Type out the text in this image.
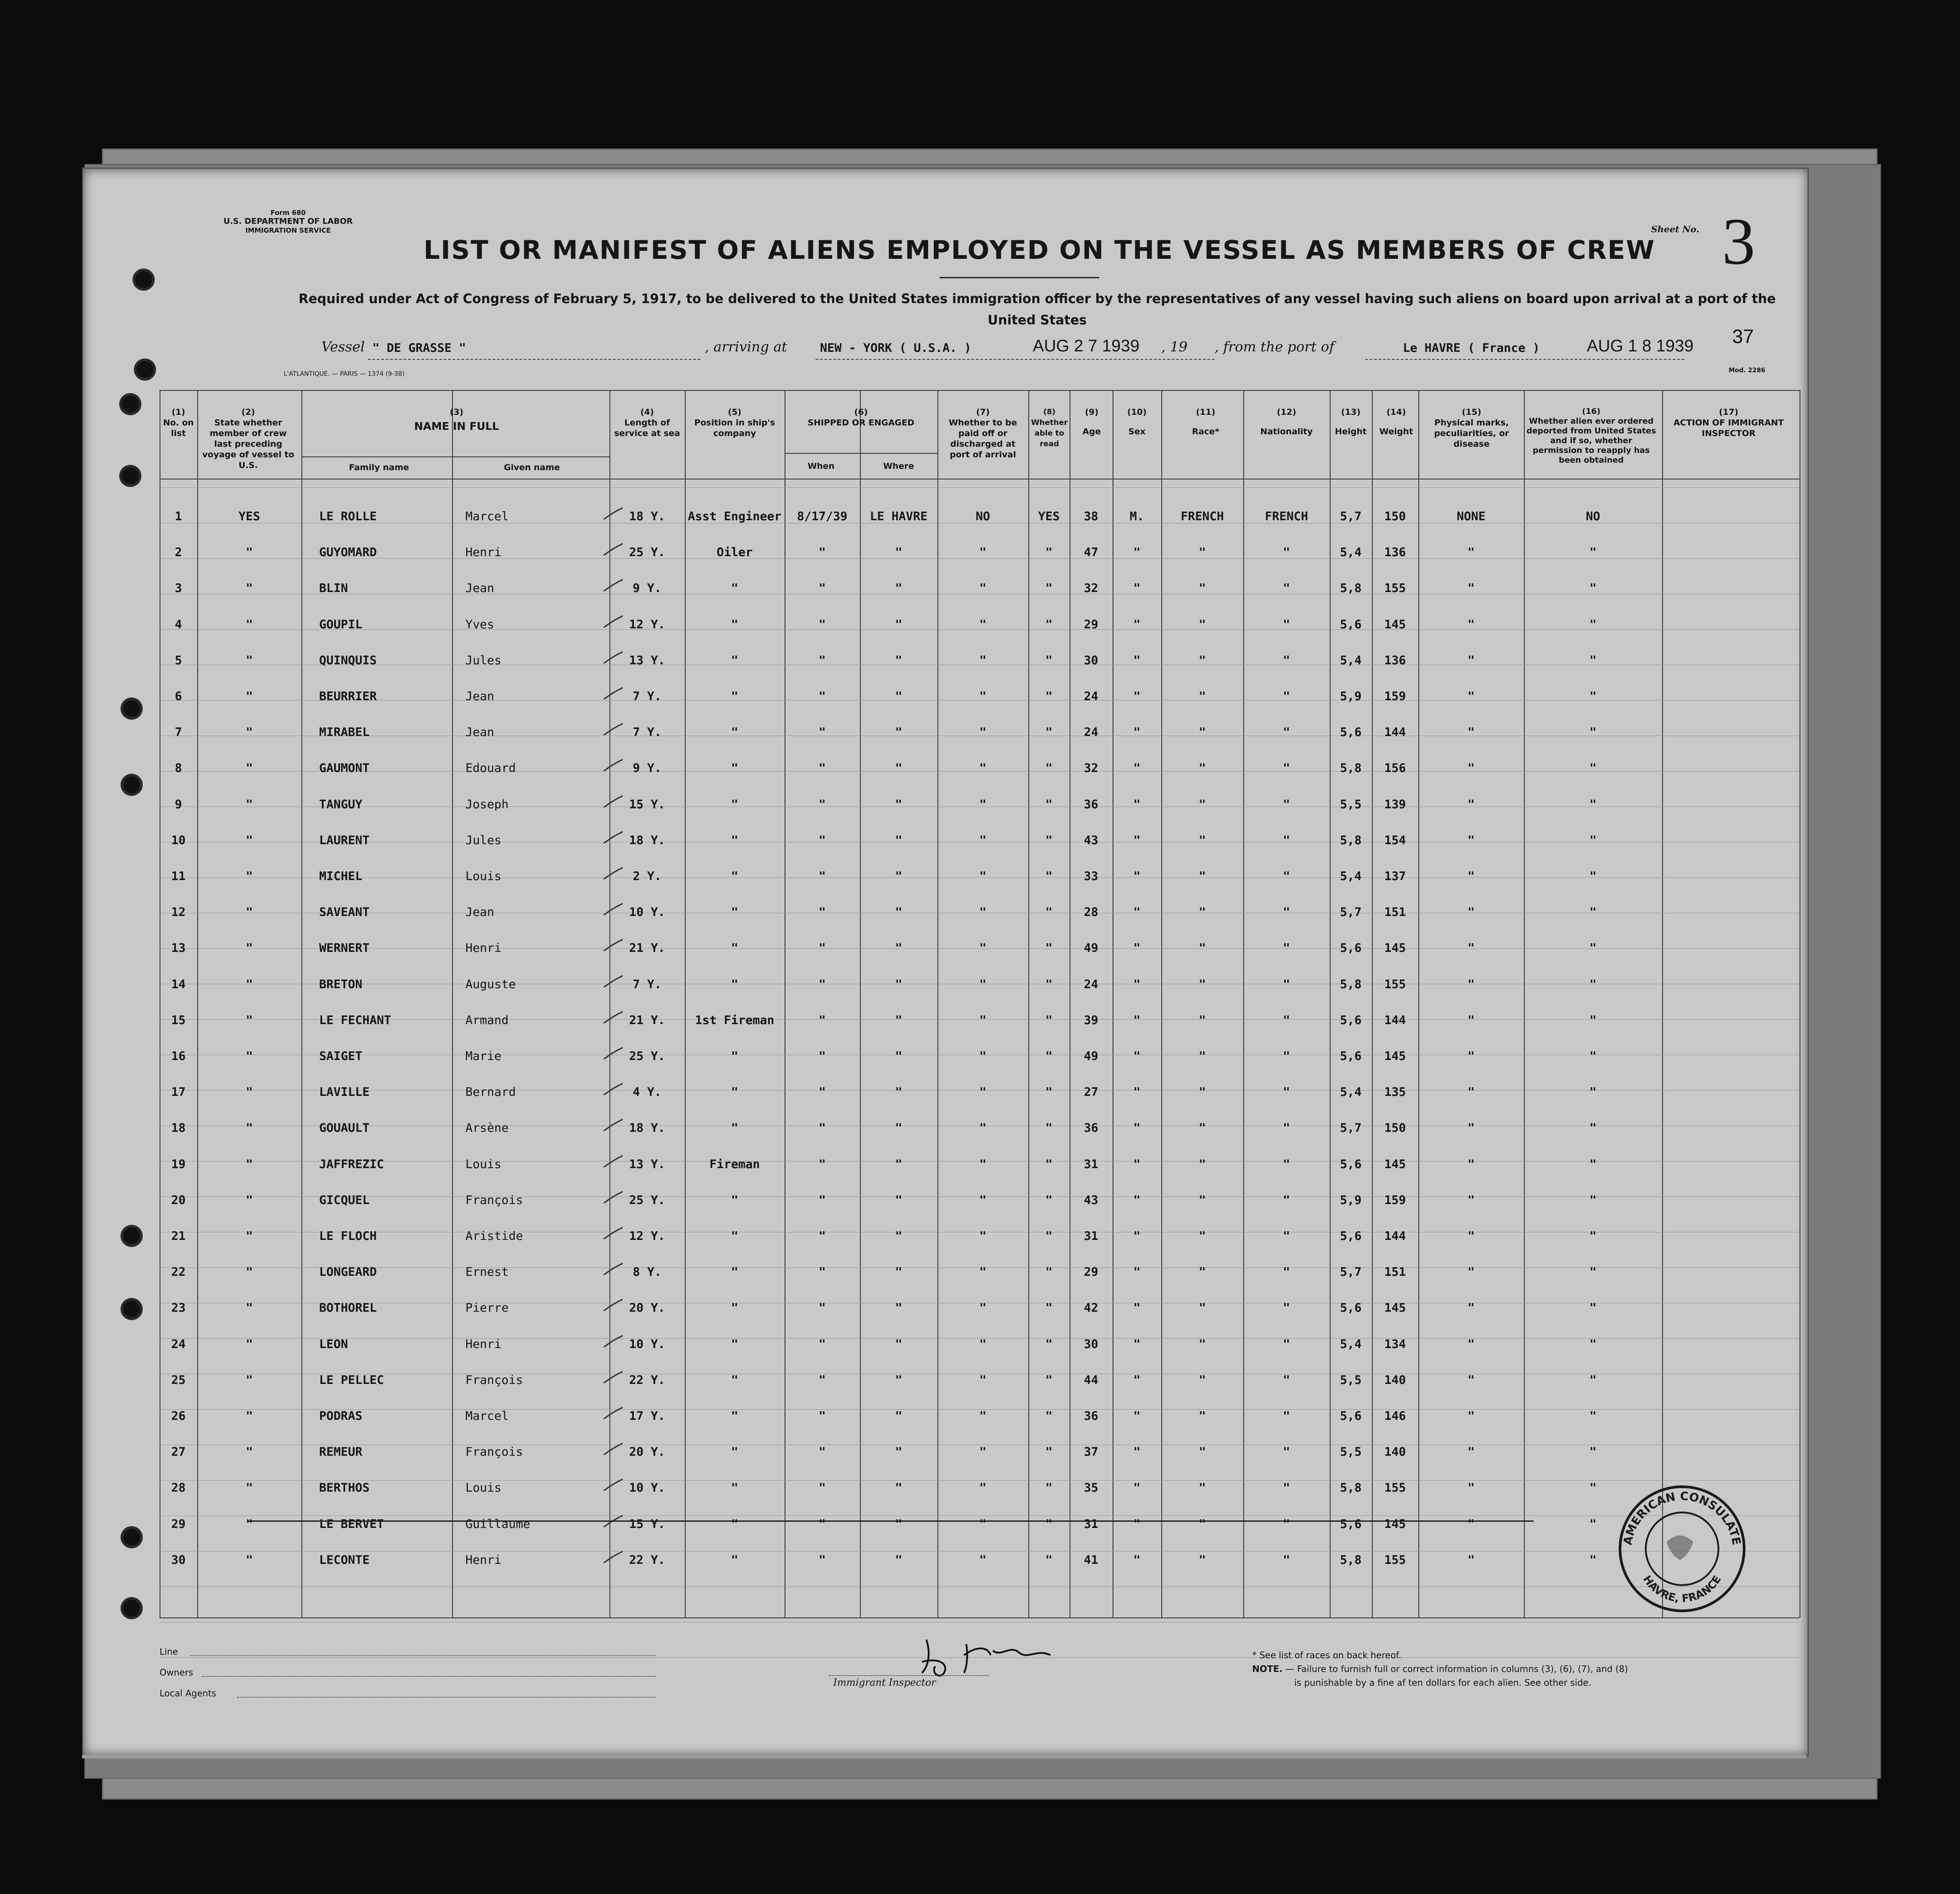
Form 680
U.S. DEPARTMENT OF LABOR
IMMIGRATION SERVICE	Sheet No. 3
LIST OR MANIFEST OF ALIENS EMPLOYED ON THE VESSEL AS MEMBERS OF CREW
Required under Act of Congress of February 5, 1917, to be delivered to the United States immigration officer by the representatives of any vessel having such aliens on board upon arrival at a port of the United States
Vessel " DE GRASSE "	, arriving at	NEW - YORK ( U.S.A. )	AUG 2 7 1939 , 19 , from the port of	Le HAVRE ( France )	AUG 1 8 1939 37
Mod. 2286
L'ATLANTIQUE. — PARIS — 1374 (9-38)
(1)
No. on list
(2)
State whether member of crew last preceding voyage of vessel to U.S.
(3)
NAME IN FULL
Family name	Given name
(4)
Length of service at sea
(5)
Position in ship's company
(6)
SHIPPED OR ENGAGED
When	Where
(7)
Whether to be paid off or discharged at port of arrival
(8)
Whether able to read
(9)
Age
(10)
Sex
(11)
Race*
(12)
Nationality
(13)
Height
(14)
Weight
(15)
Physical marks, peculiarities, or disease
(16)
Whether alien ever ordered deported from United States and if so, whether permission to reapply has been obtained
(17)
ACTION OF IMMIGRANT INSPECTOR
1	YES	LE ROLLE	Marcel	18 Y.	Asst Engineer	8/17/39	LE HAVRE	NO	YES	38	M.	FRENCH	FRENCH	5,7	150	NONE	NO
2	"	GUYOMARD	Henri	25 Y.	Oiler	"	"	"	"	47	"	"	"	5,4	136	"	"
3	"	BLIN	Jean	9 Y.	"	"	"	"	"	32	"	"	"	5,8	155	"	"
4	"	GOUPIL	Yves	12 Y.	"	"	"	"	"	29	"	"	"	5,6	145	"	"
5	"	QUINQUIS	Jules	13 Y.	"	"	"	"	"	30	"	"	"	5,4	136	"	"
6	"	BEURRIER	Jean	7 Y.	"	"	"	"	"	24	"	"	"	5,9	159	"	"
7	"	MIRABEL	Jean	7 Y.	"	"	"	"	"	24	"	"	"	5,6	144	"	"
8	"	GAUMONT	Edouard	9 Y.	"	"	"	"	"	32	"	"	"	5,8	156	"	"
9	"	TANGUY	Joseph	15 Y.	"	"	"	"	"	36	"	"	"	5,5	139	"	"
10	"	LAURENT	Jules	18 Y.	"	"	"	"	"	43	"	"	"	5,8	154	"	"
11	"	MICHEL	Louis	2 Y.	"	"	"	"	"	33	"	"	"	5,4	137	"	"
12	"	SAVEANT	Jean	10 Y.	"	"	"	"	"	28	"	"	"	5,7	151	"	"
13	"	WERNERT	Henri	21 Y.	"	"	"	"	"	49	"	"	"	5,6	145	"	"
14	"	BRETON	Auguste	7 Y.	"	"	"	"	"	24	"	"	"	5,8	155	"	"
15	"	LE FECHANT	Armand	21 Y.	1st Fireman	"	"	"	"	39	"	"	"	5,6	144	"	"
16	"	SAIGET	Marie	25 Y.	"	"	"	"	"	49	"	"	"	5,6	145	"	"
17	"	LAVILLE	Bernard	4 Y.	"	"	"	"	"	27	"	"	"	5,4	135	"	"
18	"	GOUAULT	Arsène	18 Y.	"	"	"	"	"	36	"	"	"	5,7	150	"	"
19	"	JAFFREZIC	Louis	13 Y.	Fireman	"	"	"	"	31	"	"	"	5,6	145	"	"
20	"	GICQUEL	François	25 Y.	"	"	"	"	"	43	"	"	"	5,9	159	"	"
21	"	LE FLOCH	Aristide	12 Y.	"	"	"	"	"	31	"	"	"	5,6	144	"	"
22	"	LONGEARD	Ernest	8 Y.	"	"	"	"	"	29	"	"	"	5,7	151	"	"
23	"	BOTHOREL	Pierre	20 Y.	"	"	"	"	"	42	"	"	"	5,6	145	"	"
24	"	LEON	Henri	10 Y.	"	"	"	"	"	30	"	"	"	5,4	134	"	"
25	"	LE PELLEC	François	22 Y.	"	"	"	"	"	44	"	"	"	5,5	140	"	"
26	"	PODRAS	Marcel	17 Y.	"	"	"	"	"	36	"	"	"	5,6	146	"	"
27	"	REMEUR	François	20 Y.	"	"	"	"	"	37	"	"	"	5,5	140	"	"
28	"	BERTHOS	Louis	10 Y.	"	"	"	"	"	35	"	"	"	5,8	155	"	"
29	"	LE BERVET	Guillaume	15 Y.	"	"	"	"	"	31	"	"	"	5,6	145	"	"
30	"	LECONTE	Henri	22 Y.	"	"	"	"	"	41	"	"	"	5,8	155	"	"
AMERICAN CONSULATE
HAVRE, FRANCE
Line
Owners
Local Agents
Immigrant Inspector
* See list of races on back hereof.
NOTE. — Failure to furnish full or correct information in columns (3), (6), (7), and (8)
is punishable by a fine af ten dollars for each alien. See other side.
